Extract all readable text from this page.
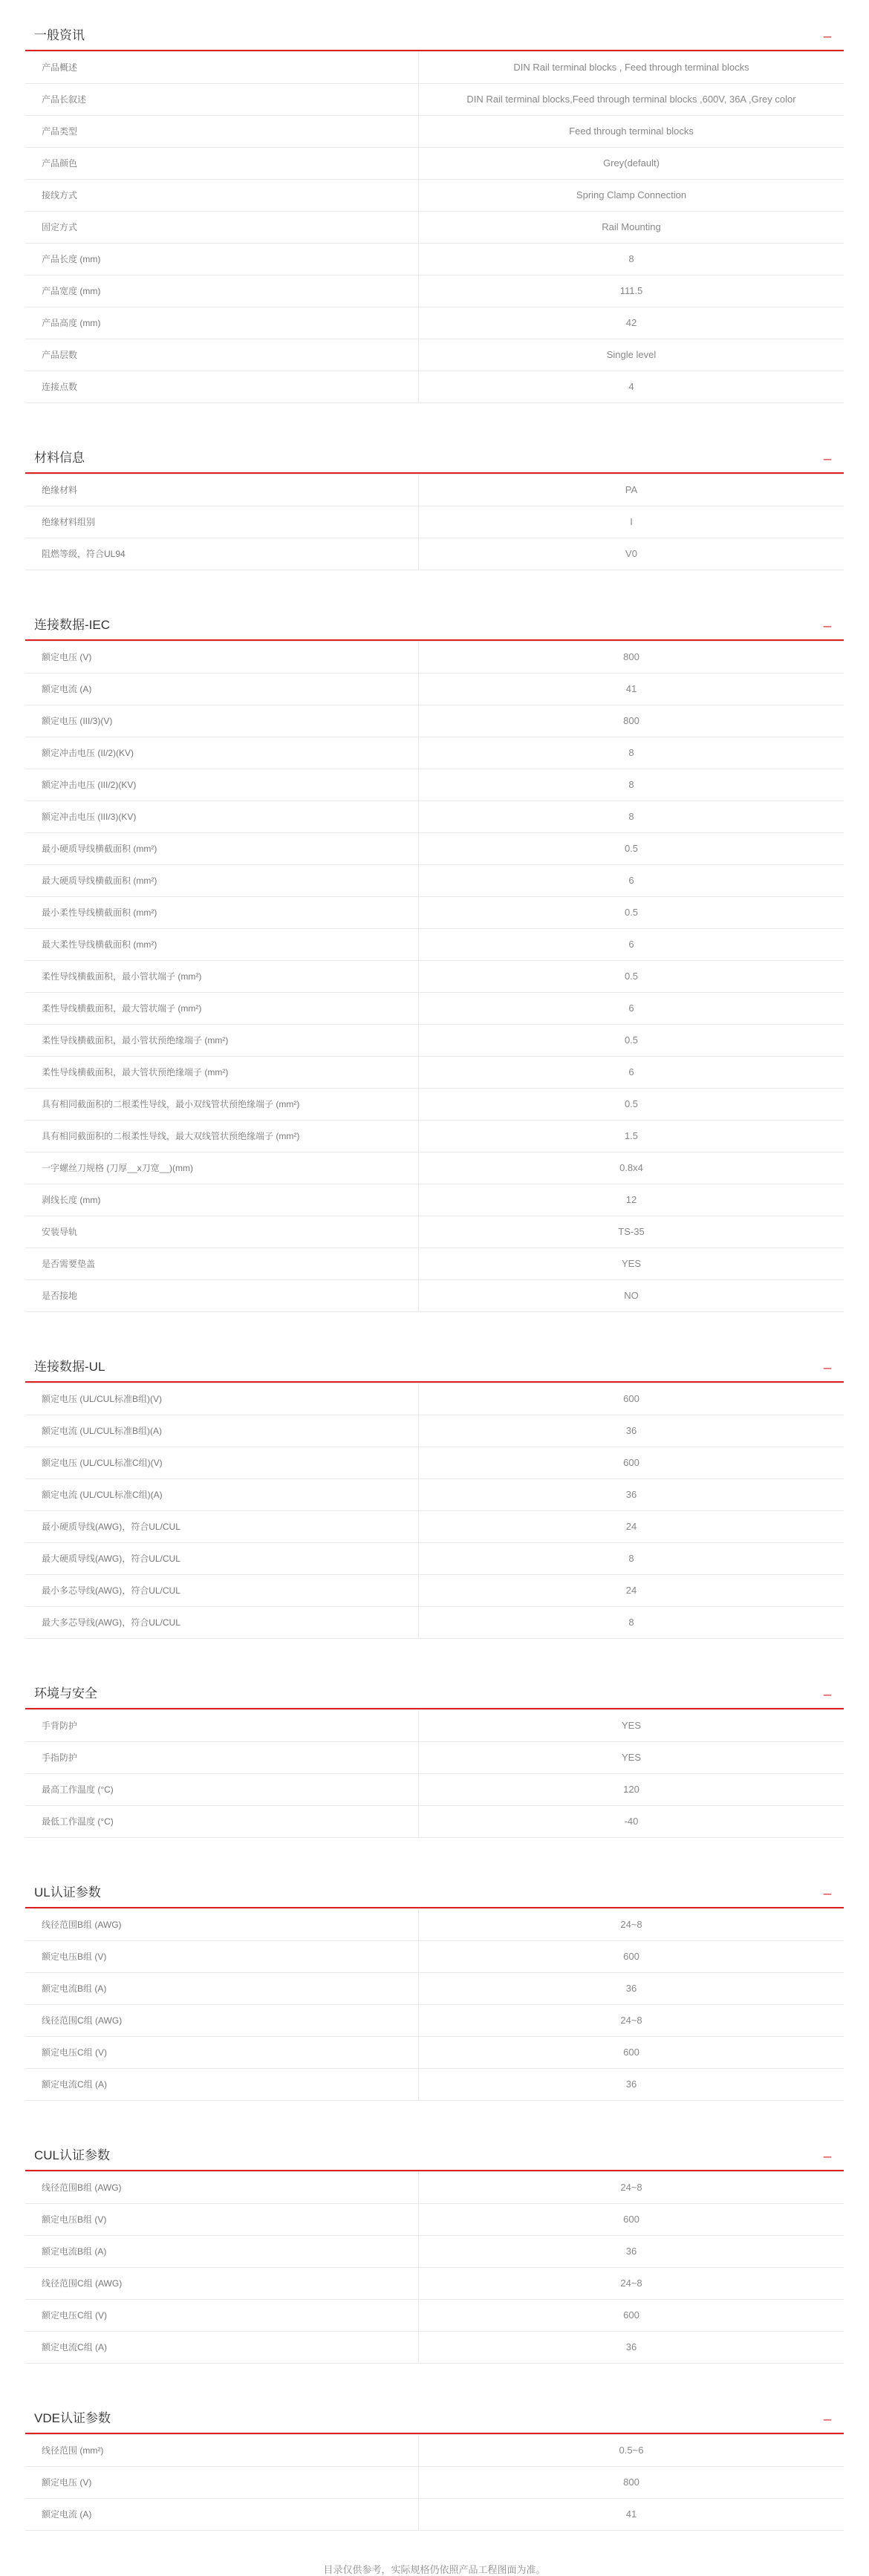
一般资讯	_
产品概述	DIN Rail terminal blocks , Feed through terminal blocks
产品长叙述	DIN Rail terminal blocks,Feed through terminal blocks ,600V, 36A ,Grey color
产品类型	Feed through terminal blocks
产品颜色	Grey(default)
接线方式	Spring Clamp Connection
固定方式	Rail Mounting
产品长度 (mm)	8
产品宽度 (mm)	111.5
产品高度 (mm)	42
产品层数	Single level
连接点数	4
材料信息	_
绝缘材料	PA
绝缘材料组别	I
阻燃等级，符合UL94	V0
连接数据-IEC	_
额定电压 (V)	800
额定电流 (A)	41
额定电压 (III/3)(V)	800
额定冲击电压 (II/2)(KV)	8
额定冲击电压 (III/2)(KV)	8
额定冲击电压 (III/3)(KV)	8
最小硬质导线横截面积 (mm²)	0.5
最大硬质导线横截面积 (mm²)	6
最小柔性导线横截面积 (mm²)	0.5
最大柔性导线横截面积 (mm²)	6
柔性导线横截面积，最小管状端子 (mm²)	0.5
柔性导线横截面积，最大管状端子 (mm²)	6
柔性导线横截面积，最小管状预绝缘端子 (mm²)	0.5
柔性导线横截面积，最大管状预绝缘端子 (mm²)	6
具有相同截面积的二根柔性导线，最小双线管状预绝缘端子 (mm²)	0.5
具有相同截面积的二根柔性导线，最大双线管状预绝缘端子 (mm²)	1.5
一字螺丝刀规格 (刀厚__x刀宽__)(mm)	0.8x4
剥线长度 (mm)	12
安装导轨	TS-35
是否需要垫盖	YES
是否接地	NO
连接数据-UL	_
额定电压 (UL/CUL标准B组)(V)	600
额定电流 (UL/CUL标准B组)(A)	36
额定电压 (UL/CUL标准C组)(V)	600
额定电流 (UL/CUL标准C组)(A)	36
最小硬质导线(AWG)，符合UL/CUL	24
最大硬质导线(AWG)，符合UL/CUL	8
最小多芯导线(AWG)，符合UL/CUL	24
最大多芯导线(AWG)，符合UL/CUL	8
环境与安全	_
手背防护	YES
手指防护	YES
最高工作温度 (°C)	120
最低工作温度 (°C)	-40
UL认证参数	_
线径范围B组 (AWG)	24~8
额定电压B组 (V)	600
额定电流B组 (A)	36
线径范围C组 (AWG)	24~8
额定电压C组 (V)	600
额定电流C组 (A)	36
CUL认证参数	_
线径范围B组 (AWG)	24~8
额定电压B组 (V)	600
额定电流B组 (A)	36
线径范围C组 (AWG)	24~8
额定电压C组 (V)	600
额定电流C组 (A)	36
VDE认证参数	_
线径范围 (mm²)	0.5~6
额定电压 (V)	800
额定电流 (A)	41
目录仅供参考，实际规格仍依照产品工程图面为准。
